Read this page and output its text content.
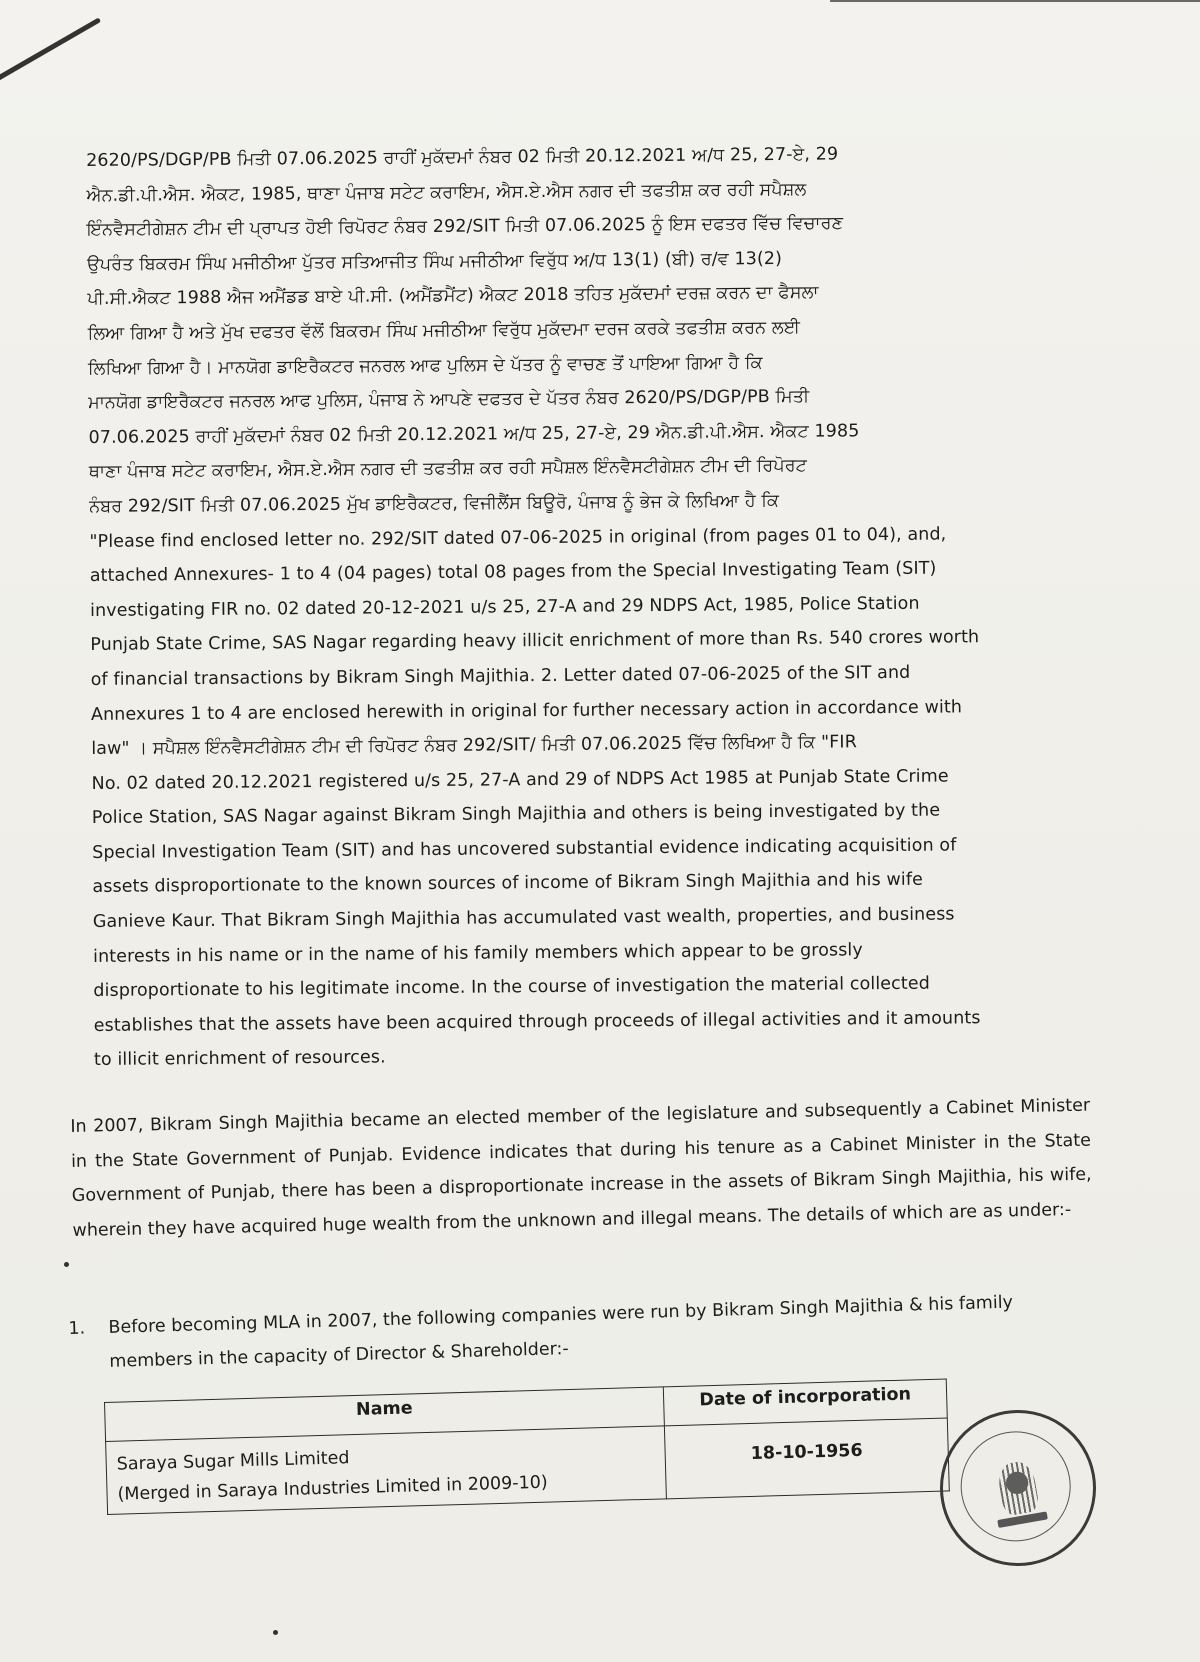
2620/PS/DGP/PB ਮਿਤੀ 07.06.2025 ਰਾਹੀਂ ਮੁਕੱਦਮਾਂ ਨੰਬਰ 02 ਮਿਤੀ 20.12.2021 ਅ/ਧ 25, 27-ਏ, 29
ਐਨ.ਡੀ.ਪੀ.ਐਸ. ਐਕਟ, 1985, ਥਾਣਾ ਪੰਜਾਬ ਸਟੇਟ ਕਰਾਇਮ, ਐਸ.ਏ.ਐਸ ਨਗਰ ਦੀ ਤਫਤੀਸ਼ ਕਰ ਰਹੀ ਸਪੈਸ਼ਲ
ਇੰਨਵੈਸਟੀਗੇਸ਼ਨ ਟੀਮ ਦੀ ਪ੍ਰਾਪਤ ਹੋਈ ਰਿਪੋਰਟ ਨੰਬਰ 292/SIT ਮਿਤੀ 07.06.2025 ਨੂੰ ਇਸ ਦਫਤਰ ਵਿੱਚ ਵਿਚਾਰਣ
ਉਪਰੰਤ ਬਿਕਰਮ ਸਿੰਘ ਮਜੀਠੀਆ ਪੁੱਤਰ ਸਤਿਆਜੀਤ ਸਿੰਘ ਮਜੀਠੀਆ ਵਿਰੁੱਧ ਅ/ਧ 13(1) (ਬੀ) ਰ/ਵ 13(2)
ਪੀ.ਸੀ.ਐਕਟ 1988 ਐਜ ਅਮੈਂਡਡ ਬਾਏ ਪੀ.ਸੀ. (ਅਮੈਂਡਮੈਂਟ) ਐਕਟ 2018 ਤਹਿਤ ਮੁਕੱਦਮਾਂ ਦਰਜ਼ ਕਰਨ ਦਾ ਫੈਸਲਾ
ਲਿਆ ਗਿਆ ਹੈ ਅਤੇ ਮੁੱਖ ਦਫਤਰ ਵੱਲੋਂ ਬਿਕਰਮ ਸਿੰਘ ਮਜੀਠੀਆ ਵਿਰੁੱਧ ਮੁਕੱਦਮਾ ਦਰਜ ਕਰਕੇ ਤਫਤੀਸ਼ ਕਰਨ ਲਈ
ਲਿਖਿਆ ਗਿਆ ਹੈ। ਮਾਨਯੋਗ ਡਾਇਰੈਕਟਰ ਜਨਰਲ ਆਫ ਪੁਲਿਸ ਦੇ ਪੱਤਰ ਨੂੰ ਵਾਚਣ ਤੋਂ ਪਾਇਆ ਗਿਆ ਹੈ ਕਿ
ਮਾਨਯੋਗ ਡਾਇਰੈਕਟਰ ਜਨਰਲ ਆਫ ਪੁਲਿਸ, ਪੰਜਾਬ ਨੇ ਆਪਣੇ ਦਫਤਰ ਦੇ ਪੱਤਰ ਨੰਬਰ 2620/PS/DGP/PB ਮਿਤੀ
07.06.2025 ਰਾਹੀਂ ਮੁਕੱਦਮਾਂ ਨੰਬਰ 02 ਮਿਤੀ 20.12.2021 ਅ/ਧ 25, 27-ਏ, 29 ਐਨ.ਡੀ.ਪੀ.ਐਸ. ਐਕਟ 1985
ਥਾਣਾ ਪੰਜਾਬ ਸਟੇਟ ਕਰਾਇਮ, ਐਸ.ਏ.ਐਸ ਨਗਰ ਦੀ ਤਫਤੀਸ਼ ਕਰ ਰਹੀ ਸਪੈਸ਼ਲ ਇੰਨਵੈਸਟੀਗੇਸ਼ਨ ਟੀਮ ਦੀ ਰਿਪੋਰਟ
ਨੰਬਰ 292/SIT ਮਿਤੀ 07.06.2025 ਮੁੱਖ ਡਾਇਰੈਕਟਰ, ਵਿਜੀਲੈਂਸ ਬਿਊਰੋ, ਪੰਜਾਬ ਨੂੰ ਭੇਜ ਕੇ ਲਿਖਿਆ ਹੈ ਕਿ
"Please find enclosed letter no. 292/SIT dated 07-06-2025 in original (from pages 01 to 04), and,
attached Annexures- 1 to 4 (04 pages) total 08 pages from the Special Investigating Team (SIT)
investigating FIR no. 02 dated 20-12-2021 u/s 25, 27-A and 29 NDPS Act, 1985, Police Station
Punjab State Crime, SAS Nagar regarding heavy illicit enrichment of more than Rs. 540 crores worth
of financial transactions by Bikram Singh Majithia. 2. Letter dated 07-06-2025 of the SIT and
Annexures 1 to 4 are enclosed herewith in original for further necessary action in accordance with
law" । ਸਪੈਸ਼ਲ ਇੰਨਵੈਸਟੀਗੇਸ਼ਨ ਟੀਮ ਦੀ ਰਿਪੋਰਟ ਨੰਬਰ 292/SIT/ ਮਿਤੀ 07.06.2025 ਵਿੱਚ ਲਿਖਿਆ ਹੈ ਕਿ "FIR
No. 02 dated 20.12.2021 registered u/s 25, 27-A and 29 of NDPS Act 1985 at Punjab State Crime
Police Station, SAS Nagar against Bikram Singh Majithia and others is being investigated by the
Special Investigation Team (SIT) and has uncovered substantial evidence indicating acquisition of
assets disproportionate to the known sources of income of Bikram Singh Majithia and his wife
Ganieve Kaur. That Bikram Singh Majithia has accumulated vast wealth, properties, and business
interests in his name or in the name of his family members which appear to be grossly
disproportionate to his legitimate income. In the course of investigation the material collected
establishes that the assets have been acquired through proceeds of illegal activities and it amounts
to illicit enrichment of resources.
In 2007, Bikram Singh Majithia became an elected member of the legislature and subsequently a Cabinet Minister in the State Government of Punjab. Evidence indicates that during his tenure as a Cabinet Minister in the State Government of Punjab, there has been a disproportionate increase in the assets of Bikram Singh Majithia, his wife, wherein they have acquired huge wealth from the unknown and illegal means. The details of which are as under:-
1. Before becoming MLA in 2007, the following companies were run by Bikram Singh Majithia & his family members in the capacity of Director & Shareholder:-
Name	Date of incorporation

Saraya Sugar Mills Limited
(Merged in Saraya Industries Limited in 2009-10)	18-10-1956
